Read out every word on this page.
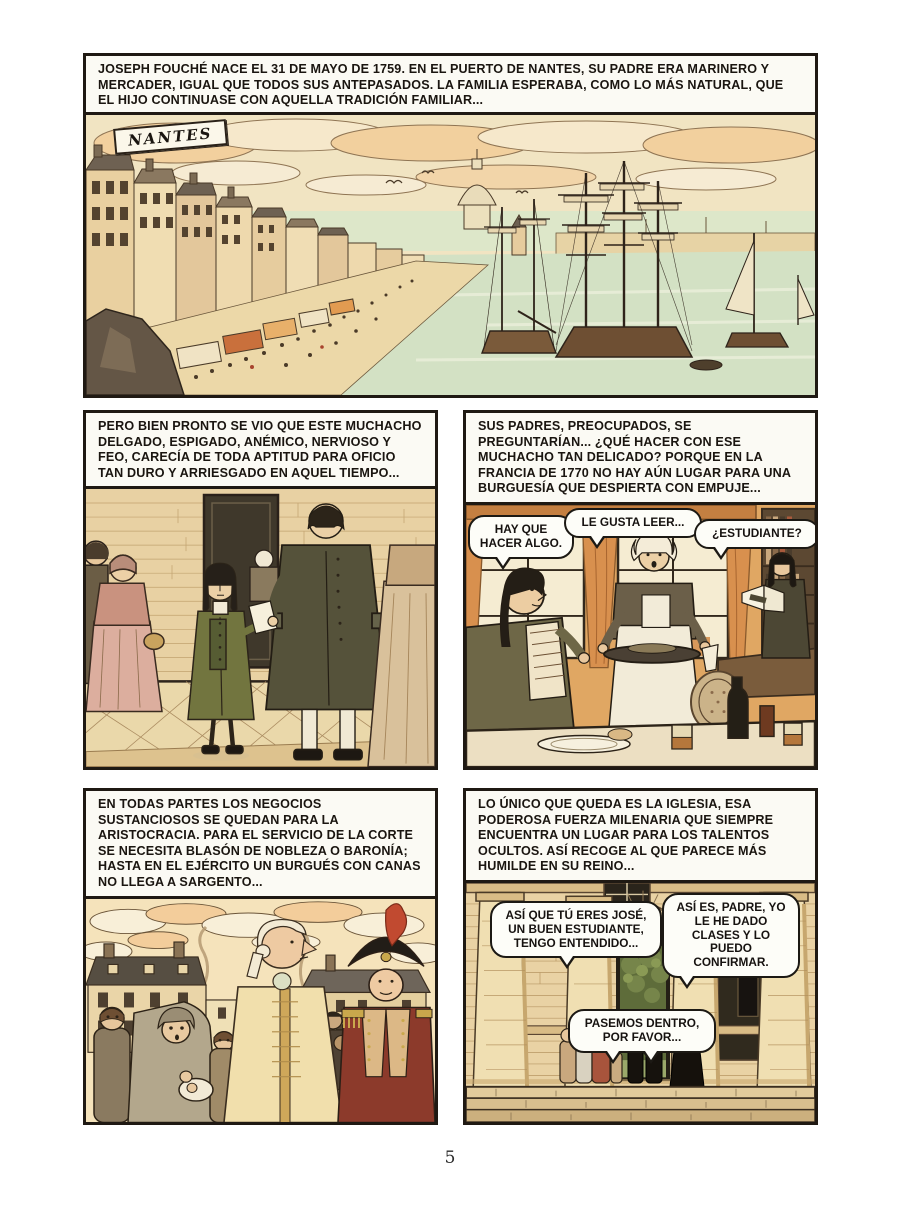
JOSEPH FOUCHÉ NACE EL 31 DE MAYO DE 1759. EN EL PUERTO DE NANTES, SU PADRE ERA MARINERO Y MERCADER, IGUAL QUE TODOS SUS ANTEPASADOS. LA FAMILIA ESPERABA, COMO LO MÁS NATURAL, QUE EL HIJO CONTINUASE CON AQUELLA TRADICIÓN FAMILIAR...
NANTES
PERO BIEN PRONTO SE VIO QUE ESTE MUCHACHO DELGADO, ESPIGADO, ANÉMICO, NERVIOSO Y FEO, CARECÍA DE TODA APTITUD PARA OFICIO TAN DURO Y ARRIESGADO EN AQUEL TIEMPO...
SUS PADRES, PREOCUPADOS, SE PREGUNTARÍAN... ¿QUÉ HACER CON ESE MUCHACHO TAN DELICADO? PORQUE EN LA FRANCIA DE 1770 NO HAY AÚN LUGAR PARA UNA BURGUESÍA QUE DESPIERTA CON EMPUJE...
HAY QUE HACER ALGO.
LE GUSTA LEER...
¿ESTUDIANTE?
EN TODAS PARTES LOS NEGOCIOS SUSTANCIOSOS SE QUEDAN PARA LA ARISTOCRACIA. PARA EL SERVICIO DE LA CORTE SE NECESITA BLASÓN DE NOBLEZA O BARONÍA; HASTA EN EL EJÉRCITO UN BURGUÉS CON CANAS NO LLEGA A SARGENTO...
LO ÚNICO QUE QUEDA ES LA IGLESIA, ESA PODEROSA FUERZA MILENARIA QUE SIEMPRE ENCUENTRA UN LUGAR PARA LOS TALENTOS OCULTOS. ASÍ RECOGE AL QUE PARECE MÁS HUMILDE EN SU REINO...
ASÍ QUE TÚ ERES JOSÉ, UN BUEN ESTUDIANTE, TENGO ENTENDIDO...
ASÍ ES, PADRE, YO LE HE DADO CLASES Y LO PUEDO CONFIRMAR.
PASEMOS DENTRO, POR FAVOR...
5
